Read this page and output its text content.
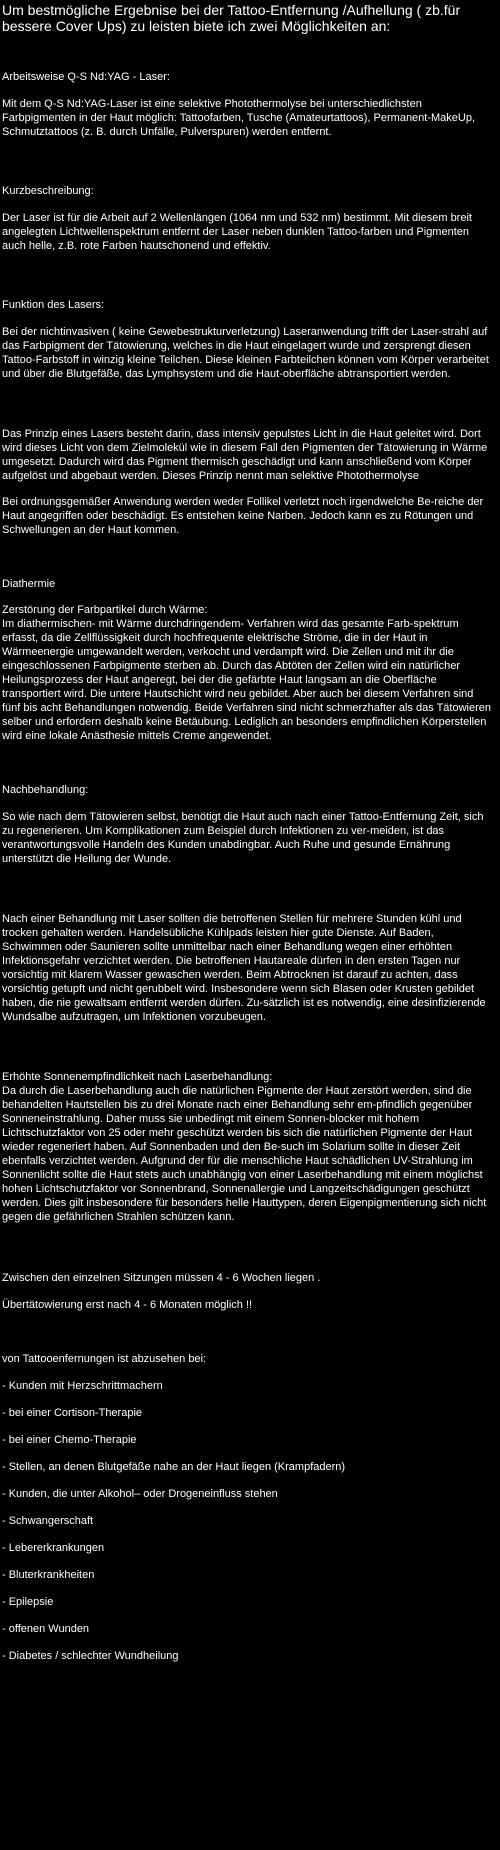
Um bestmögliche Ergebnise bei der Tattoo-Entfernung /Aufhellung ( zb.für bessere Cover Ups) zu leisten biete ich zwei Möglichkeiten an:

Arbeitsweise Q-S Nd:YAG - Laser:

Mit dem Q-S Nd:YAG-Laser ist eine selektive Photothermolyse bei unterschiedlichsten Farbpigmenten in der Haut möglich: Tattoofarben, Tusche (Amateurtattoos), Permanent-MakeUp, Schmutztattoos (z. B. durch Unfälle, Pulverspuren) werden entfernt.

Kurzbeschreibung:

Der Laser ist für die Arbeit auf 2 Wellenlängen (1064 nm und 532 nm) bestimmt. Mit diesem breit angelegten Lichtwellenspektrum entfernt der Laser neben dunklen Tattoo-farben und Pigmenten auch helle, z.B. rote Farben hautschonend und effektiv.

Funktion des Lasers:

Bei der nichtinvasiven ( keine Gewebestrukturverletzung) Laseranwendung trifft der Laser-strahl auf das Farbpigment der Tätowierung, welches in die Haut eingelagert wurde und zersprengt diesen Tattoo-Farbstoff in winzig kleine Teilchen. Diese kleinen Farbteilchen können vom Körper verarbeitet und über die Blutgefäße, das Lymphsystem und die Haut-oberfläche abtransportiert werden.

Das Prinzip eines Lasers besteht darin, dass intensiv gepulstes Licht in die Haut geleitet wird. Dort wird dieses Licht von dem Zielmolekül wie in diesem Fall den Pigmenten der Tätowierung in Wärme umgesetzt. Dadurch wird das Pigment thermisch geschädigt und kann anschließend vom Körper aufgelöst und abgebaut werden. Dieses Prinzip nennt man selektive Photothermolyse

Bei ordnungsgemäßer Anwendung werden weder Follikel verletzt noch irgendwelche Be-reiche der Haut angegriffen oder beschädigt. Es entstehen keine Narben. Jedoch kann es zu Rötungen und Schwellungen an der Haut kommen.

Diathermie

Zerstörung der Farbpartikel durch Wärme:
Im diathermischen- mit Wärme durchdringendem- Verfahren wird das gesamte Farb-spektrum erfasst, da die Zellflüssigkeit durch hochfrequente elektrische Ströme, die in der Haut in Wärmeenergie umgewandelt werden, verkocht und verdampft wird. Die Zellen und mit ihr die eingeschlossenen Farbpigmente sterben ab. Durch das Abtöten der Zellen wird ein natürlicher Heilungsprozess der Haut angeregt, bei der die gefärbte Haut langsam an die Oberfläche transportiert wird. Die untere Hautschicht wird neu gebildet. Aber auch bei diesem Verfahren sind fünf bis acht Behandlungen notwendig. Beide Verfahren sind nicht schmerzhafter als das Tätowieren selber und erfordern deshalb keine Betäubung. Lediglich an besonders empfindlichen Körperstellen wird eine lokale Anästhesie mittels Creme angewendet.

Nachbehandlung:

So wie nach dem Tätowieren selbst, benötigt die Haut auch nach einer Tattoo-Entfernung Zeit, sich zu regenerieren. Um Komplikationen zum Beispiel durch Infektionen zu ver-meiden, ist das verantwortungsvolle Handeln des Kunden unabdingbar. Auch Ruhe und gesunde Ernährung unterstützt die Heilung der Wunde.

Nach einer Behandlung mit Laser sollten die betroffenen Stellen für mehrere Stunden kühl und trocken gehalten werden. Handelsübliche Kühlpads leisten hier gute Dienste. Auf Baden, Schwimmen oder Saunieren sollte unmittelbar nach einer Behandlung wegen einer erhöhten Infektionsgefahr verzichtet werden. Die betroffenen Hautareale dürfen in den ersten Tagen nur vorsichtig mit klarem Wasser gewaschen werden. Beim Abtrocknen ist darauf zu achten, dass vorsichtig getupft und nicht gerubbelt wird. Insbesondere wenn sich Blasen oder Krusten gebildet haben, die nie gewaltsam entfernt werden dürfen. Zu-sätzlich ist es notwendig, eine desinfizierende Wundsalbe aufzutragen, um Infektionen vorzubeugen.

Erhöhte Sonnenempfindlichkeit nach Laserbehandlung:
Da durch die Laserbehandlung auch die natürlichen Pigmente der Haut zerstört werden, sind die behandelten Hautstellen bis zu drei Monate nach einer Behandlung sehr em-pfindlich gegenüber Sonneneinstrahlung. Daher muss sie unbedingt mit einem Sonnen-blocker mit hohem Lichtschutzfaktor von 25 oder mehr geschützt werden bis sich die natürlichen Pigmente der Haut wieder regeneriert haben. Auf Sonnenbaden und den Be-such im Solarium sollte in dieser Zeit ebenfalls verzichtet werden. Aufgrund der für die menschliche Haut schädlichen UV-Strahlung im Sonnenlicht sollte die Haut stets auch unabhängig von einer Laserbehandlung mit einem möglichst hohen Lichtschutzfaktor vor Sonnenbrand, Sonnenallergie und Langzeitschädigungen geschützt werden. Dies gilt insbesondere für besonders helle Hauttypen, deren Eigenpigmentierung sich nicht gegen die gefährlichen Strahlen schützen kann.

Zwischen den einzelnen Sitzungen müssen 4 - 6 Wochen liegen .

Übertätowierung erst nach 4 - 6 Monaten möglich !!

von Tattooenfernungen ist abzusehen bei:

- Kunden mit Herzschrittmachern

- bei einer Cortison-Therapie

- bei einer Chemo-Therapie

- Stellen, an denen Blutgefäße nahe an der Haut liegen (Krampfadern)

- Kunden, die unter Alkohol– oder Drogeneinfluss stehen

- Schwangerschaft

- Lebererkrankungen

- Bluterkrankheiten

- Epilepsie

- offenen Wunden

- Diabetes / schlechter Wundheilung
